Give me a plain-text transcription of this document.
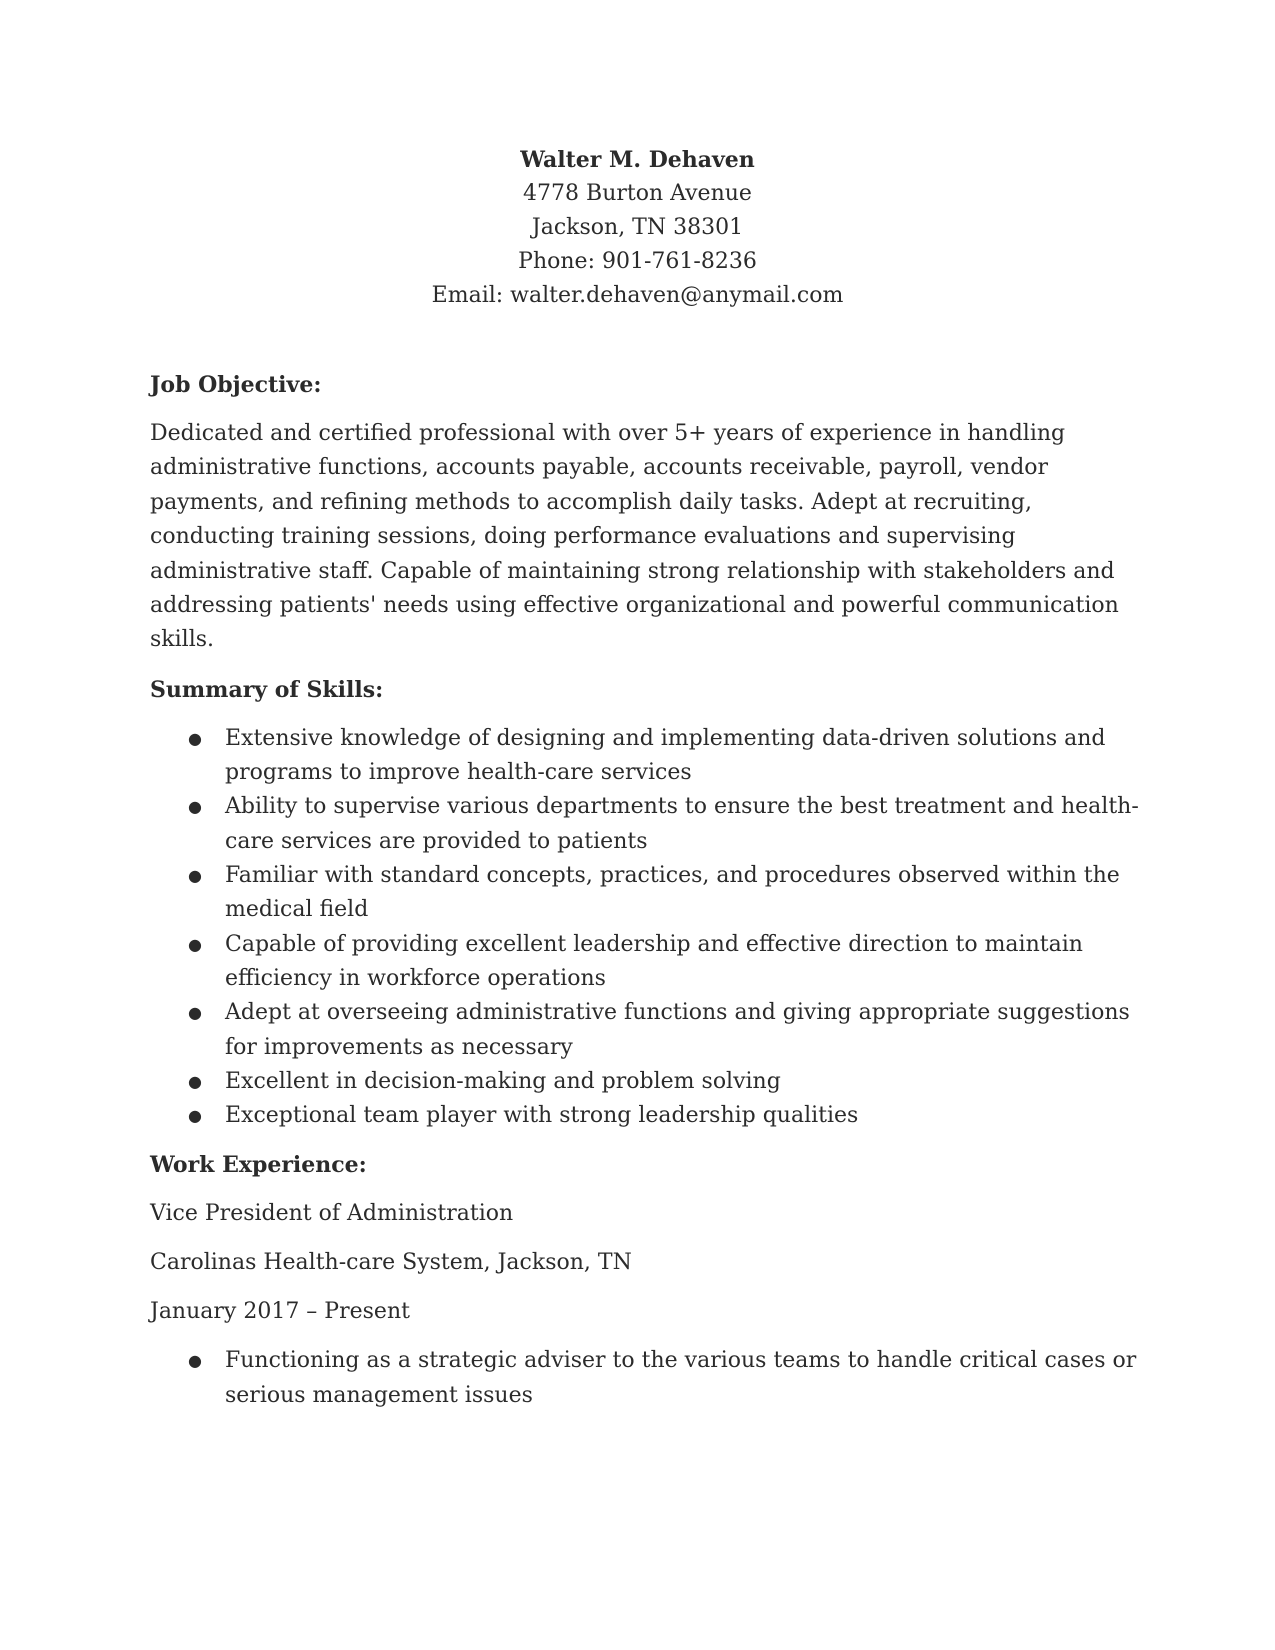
Walter M. Dehaven
4778 Burton Avenue
Jackson, TN 38301
Phone: 901-761-8236
Email: walter.dehaven@anymail.com
Job Objective:

Dedicated and certified professional with over 5+ years of experience in handling administrative functions, accounts payable, accounts receivable, payroll, vendor payments, and refining methods to accomplish daily tasks. Adept at recruiting, conducting training sessions, doing performance evaluations and supervising administrative staff. Capable of maintaining strong relationship with stakeholders and addressing patients' needs using effective organizational and powerful communication skills.

Summary of Skills:
● Extensive knowledge of designing and implementing data-driven solutions and programs to improve health-care services
● Ability to supervise various departments to ensure the best treatment and health-care services are provided to patients
● Familiar with standard concepts, practices, and procedures observed within the medical field
● Capable of providing excellent leadership and effective direction to maintain efficiency in workforce operations
● Adept at overseeing administrative functions and giving appropriate suggestions for improvements as necessary
● Excellent in decision-making and problem solving
● Exceptional team player with strong leadership qualities
Work Experience:

Vice President of Administration

Carolinas Health-care System, Jackson, TN

January 2017 – Present

● Functioning as a strategic adviser to the various teams to handle critical cases or serious management issues
